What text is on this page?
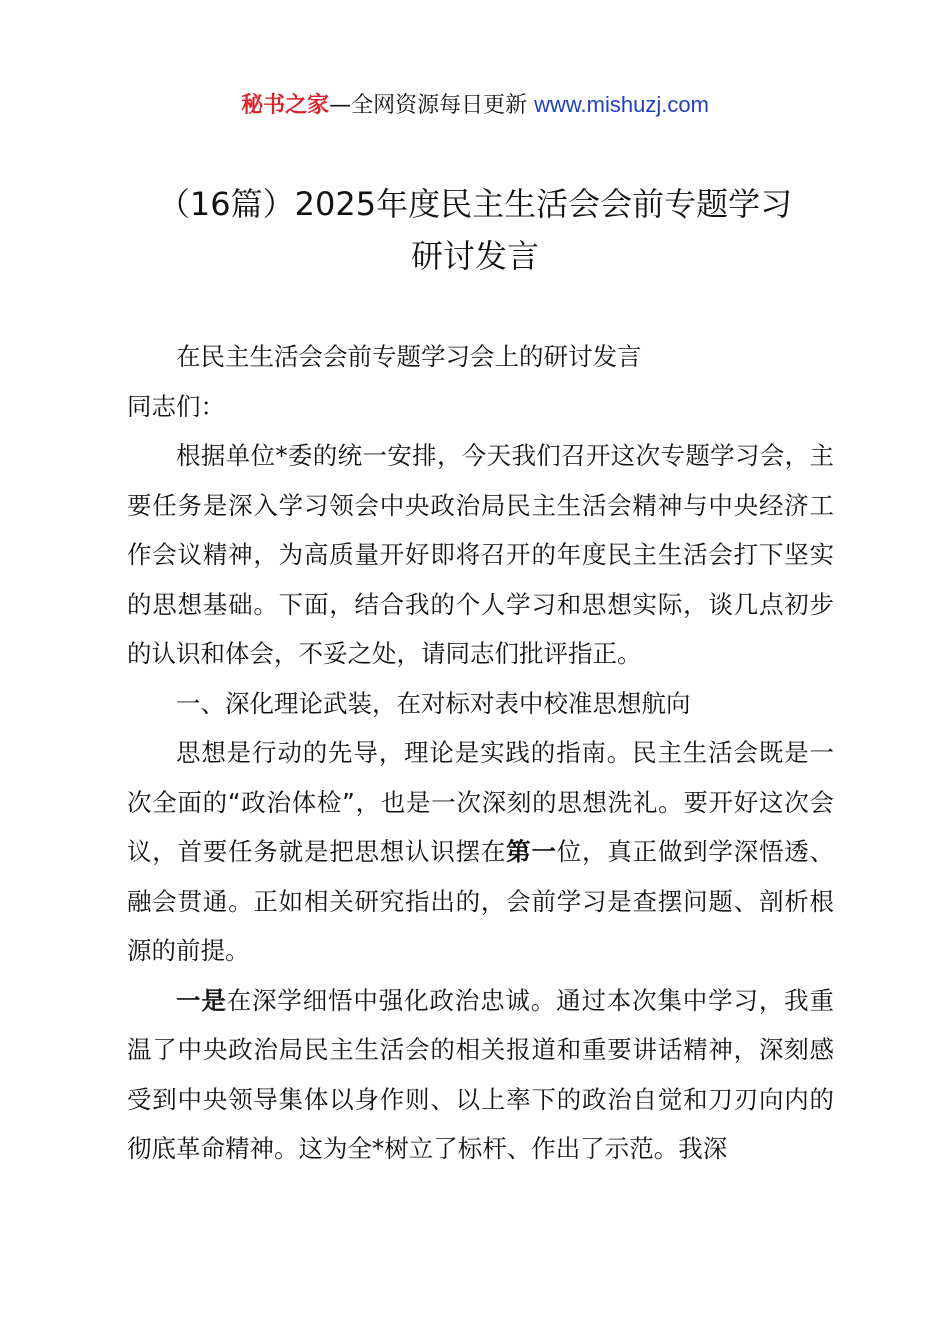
秘书之家—全网资源每日更新 www.mishuzj.com
（16篇）2025年度民主生活会会前专题学习
研讨发言

在民主生活会会前专题学习会上的研讨发言

同志们：

根据单位*委的统一安排，今天我们召开这次专题学习会，主要任务是深入学习领会中央政治局民主生活会精神与中央经济工作会议精神，为高质量开好即将召开的年度民主生活会打下坚实的思想基础。下面，结合我的个人学习和思想实际，谈几点初步的认识和体会，不妥之处，请同志们批评指正。

一、深化理论武装，在对标对表中校准思想航向

思想是行动的先导，理论是实践的指南。民主生活会既是一次全面的“政治体检”，也是一次深刻的思想洗礼。要开好这次会议，首要任务就是把思想认识摆在第一位，真正做到学深悟透、融会贯通。正如相关研究指出的，会前学习是查摆问题、剖析根源的前提。

一是在深学细悟中强化政治忠诚。通过本次集中学习，我重温了中央政治局民主生活会的相关报道和重要讲话精神，深刻感受到中央领导集体以身作则、以上率下的政治自觉和刀刃向内的彻底革命精神。这为全*树立了标杆、作出了示范。我深
